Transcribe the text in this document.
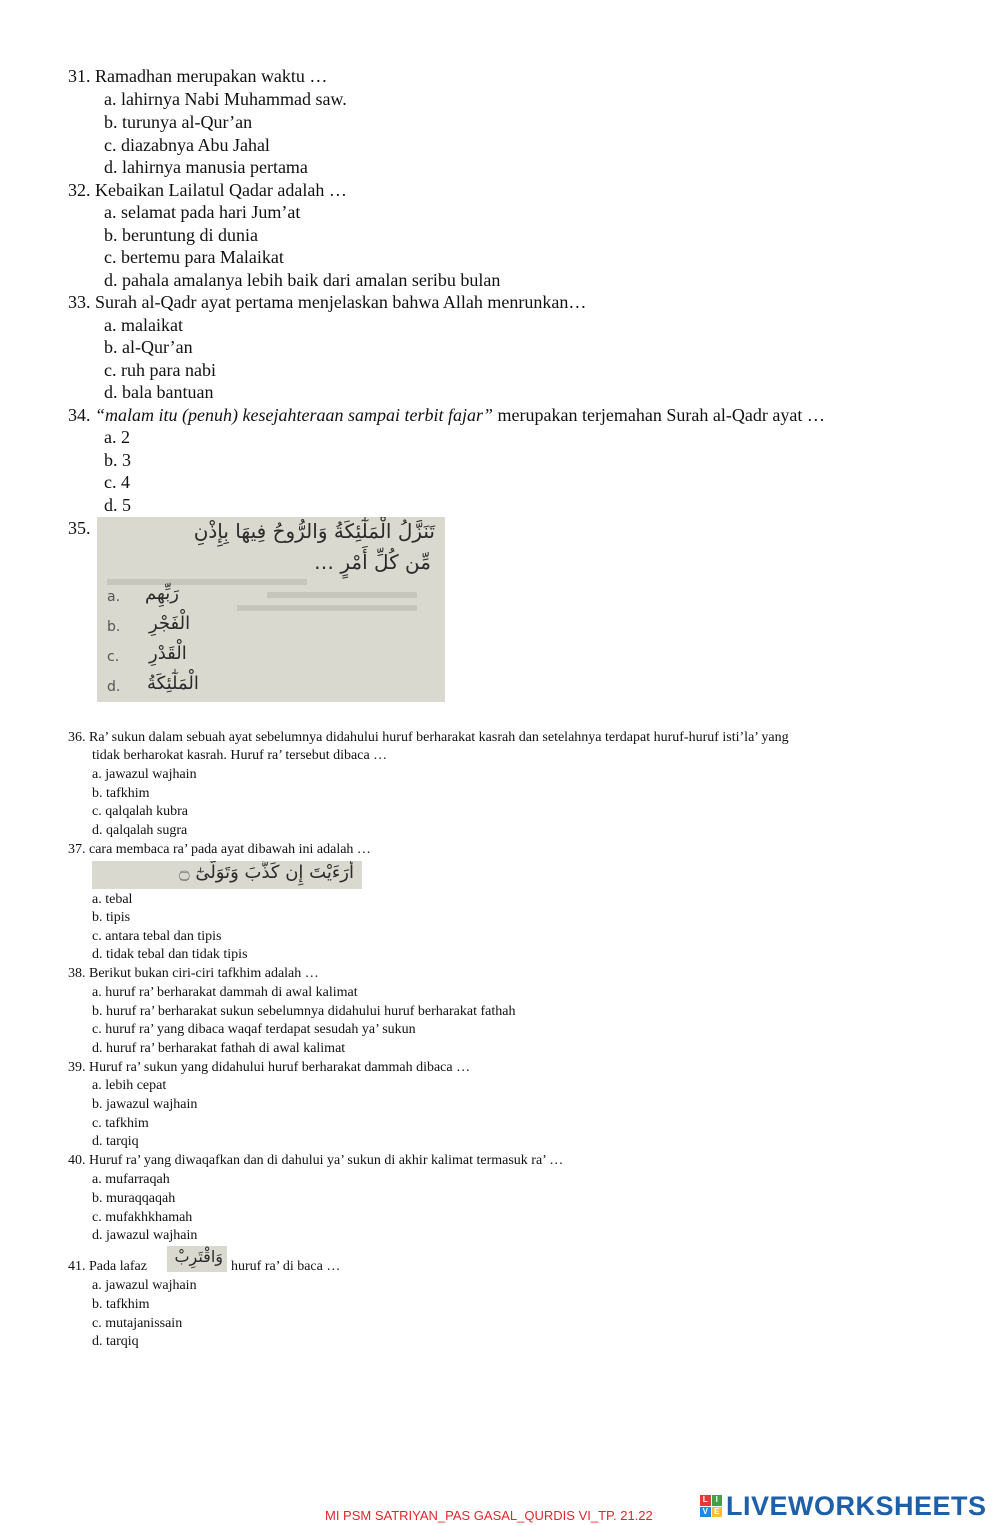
31. Ramadhan merupakan waktu …
a. lahirnya Nabi Muhammad saw.
b. turunya al-Qur’an
c. diazabnya Abu Jahal
d. lahirnya manusia pertama
32. Kebaikan Lailatul Qadar adalah …
a. selamat pada hari Jum’at
b. beruntung di dunia
c. bertemu para Malaikat
d. pahala amalanya lebih baik dari amalan seribu bulan
33. Surah al-Qadr ayat pertama menjelaskan bahwa Allah menrunkan…
a. malaikat
b. al-Qur’an
c. ruh para nabi
d. bala bantuan
34. “malam itu (penuh) kesejahteraan sampai terbit fajar” merupakan terjemahan Surah al-Qadr ayat …
a. 2
b. 3
c. 4
d. 5
35.	تَنَزَّلُ الْمَلٰٓئِكَةُ وَالرُّوحُ فِيهَا بِإِذْنِ
مِّن كُلِّ أَمْرٍ …
a. رَبِّهِم
b. الْفَجْرِ
c. الْقَدْرِ
d. الْمَلٰٓئِكَةُ
36. Ra’ sukun dalam sebuah ayat sebelumnya didahului huruf berharakat kasrah dan setelahnya terdapat huruf-huruf isti’la’ yang
tidak berharokat kasrah. Huruf ra’ tersebut dibaca …
a. jawazul wajhain
b. tafkhim
c. qalqalah kubra
d. qalqalah sugra
37. cara membaca ra’ pada ayat dibawah ini adalah …
أَرَءَيْتَ إِن كَذَّبَ وَتَوَلَّىٰٓ ۝
a. tebal
b. tipis
c. antara tebal dan tipis
d. tidak tebal dan tidak tipis
38. Berikut bukan ciri-ciri tafkhim adalah …
a. huruf ra’ berharakat dammah di awal kalimat
b. huruf ra’ berharakat sukun sebelumnya didahului huruf berharakat fathah
c. huruf ra’ yang dibaca waqaf terdapat sesudah ya’ sukun
d. huruf ra’ berharakat fathah di awal kalimat
39. Huruf ra’ sukun yang didahului huruf berharakat dammah dibaca …
a. lebih cepat
b. jawazul wajhain
c. tafkhim
d. tarqiq
40. Huruf ra’ yang diwaqafkan dan di dahului ya’ sukun di akhir kalimat termasuk ra’ …
a. mufarraqah
b. muraqqaqah
c. mufakhkhamah
d. jawazul wajhain
41. Pada lafaz
وَاقْتَرِبْ
huruf ra’ di baca …
a. jawazul wajhain
b. tafkhim
c. mutajanissain
d. tarqiq
MI PSM SATRIYAN_PAS GASAL_QURDIS VI_TP. 21.22
L I
V E LIVEWORKSHEETS
